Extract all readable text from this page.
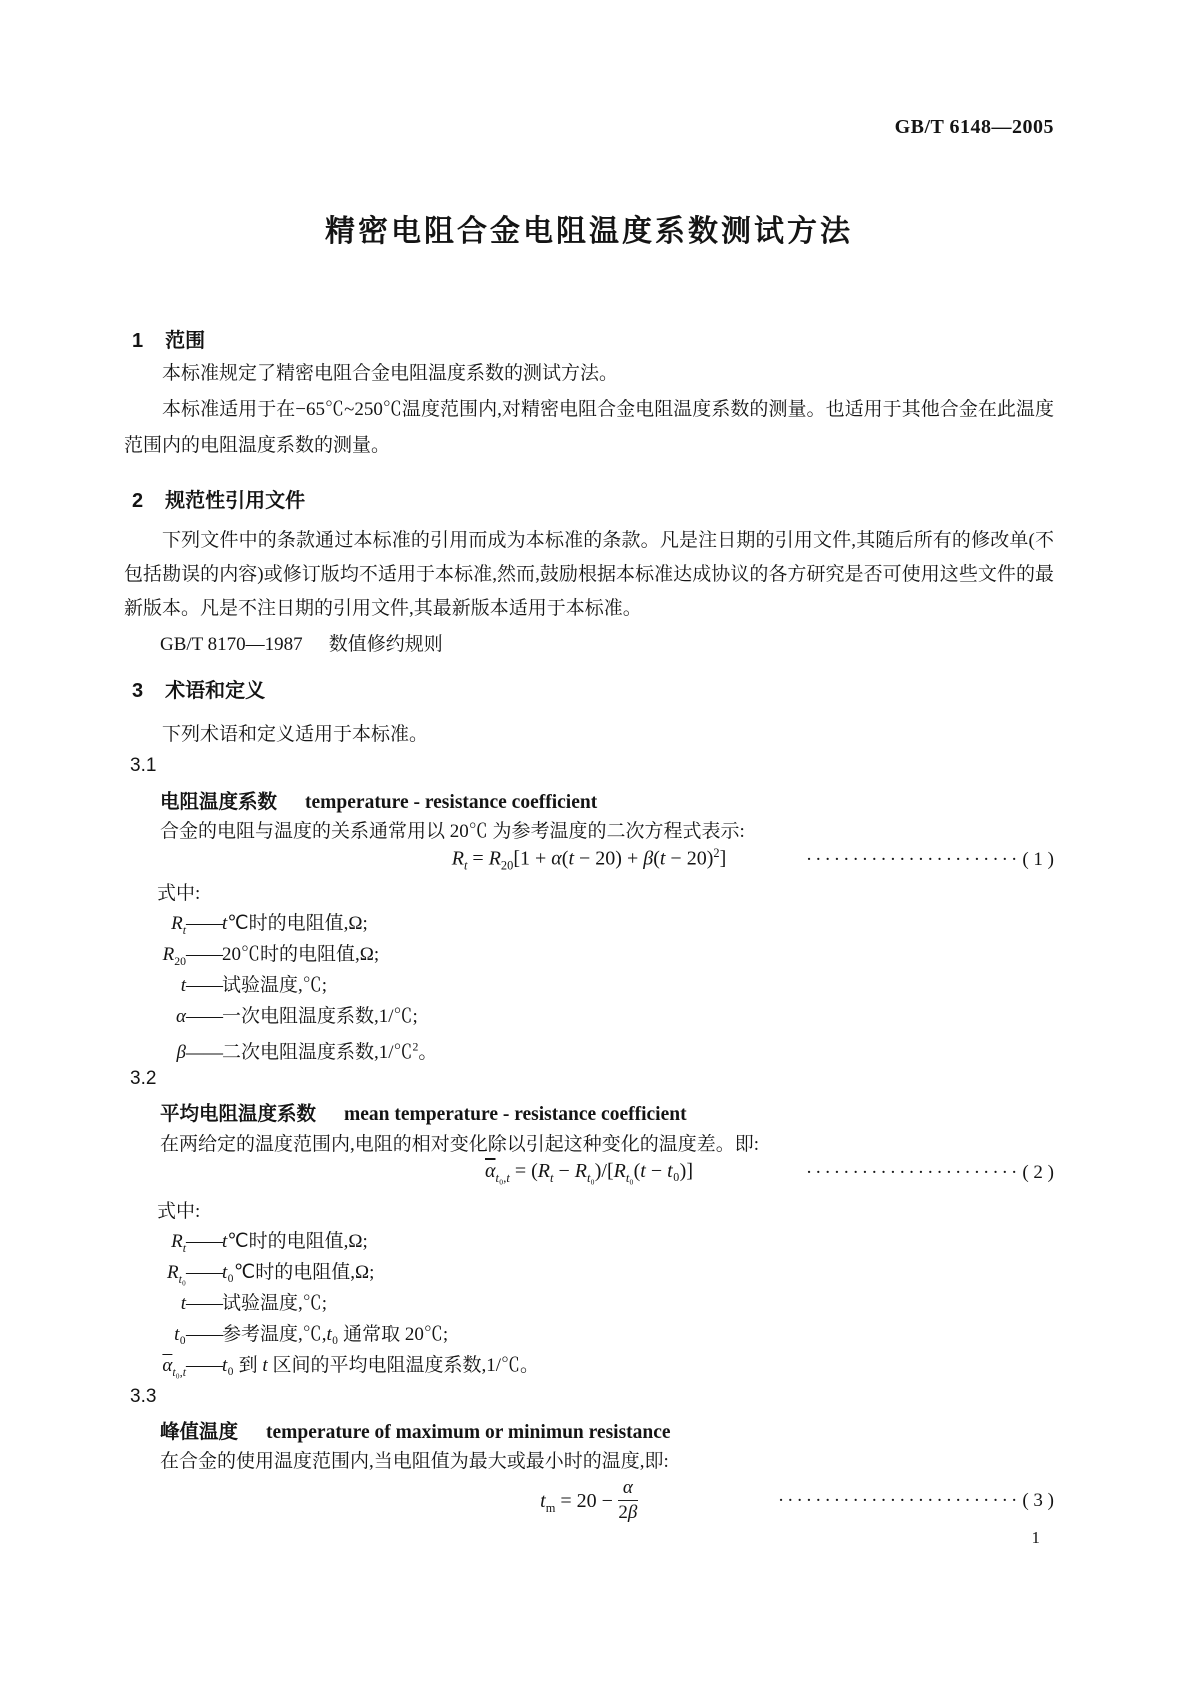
GB/T 6148—2005
精密电阻合金电阻温度系数测试方法
1 范围
本标准规定了精密电阻合金电阻温度系数的测试方法。
本标准适用于在−65℃~250℃温度范围内,对精密电阻合金电阻温度系数的测量。也适用于其他合金在此温度范围内的电阻温度系数的测量。
2 规范性引用文件
下列文件中的条款通过本标准的引用而成为本标准的条款。凡是注日期的引用文件,其随后所有的修改单(不包括勘误的内容)或修订版均不适用于本标准,然而,鼓励根据本标准达成协议的各方研究是否可使用这些文件的最新版本。凡是不注日期的引用文件,其最新版本适用于本标准。
GB/T 8170—1987 数值修约规则
3 术语和定义
下列术语和定义适用于本标准。
3.1
电阻温度系数 temperature - resistance coefficient
合金的电阻与温度的关系通常用以 20℃ 为参考温度的二次方程式表示:
$R_t = R_{20}[1 + \alpha(t - 20) + \beta(t - 20)^2]$	······················· ( 1 )
式中:
$R_t——t℃$时的电阻值,Ω;
$R_{20}——20℃$时的电阻值,Ω;
t——试验温度,℃;
α——一次电阻温度系数,1/℃;
β——二次电阻温度系数,1/℃$^2$。
3.2
平均电阻温度系数 mean temperature - resistance coefficient
在两给定的温度范围内,电阻的相对变化除以引起这种变化的温度差。即:
$\overline{\alpha}_{t_0,t} = (R_t - R_{t_0})/[R_{t_0}(t - t_0)]$	······················· ( 2 )
式中:
$R_t——t℃$时的电阻值,Ω;
$R_{t_0}——t_0℃$时的电阻值,Ω;
t——试验温度,℃;
t₀——参考温度,℃,t₀ 通常取 20℃;
$\overline{\alpha}_{t_0,t}——t_0$ 到 t 区间的平均电阻温度系数,1/℃。
3.3
峰值温度 temperature of maximum or minimun resistance
在合金的使用温度范围内,当电阻值为最大或最小时的温度,即:
$t_m = 20 - \frac{\alpha}{2\beta}$	·························· ( 3 )
1
